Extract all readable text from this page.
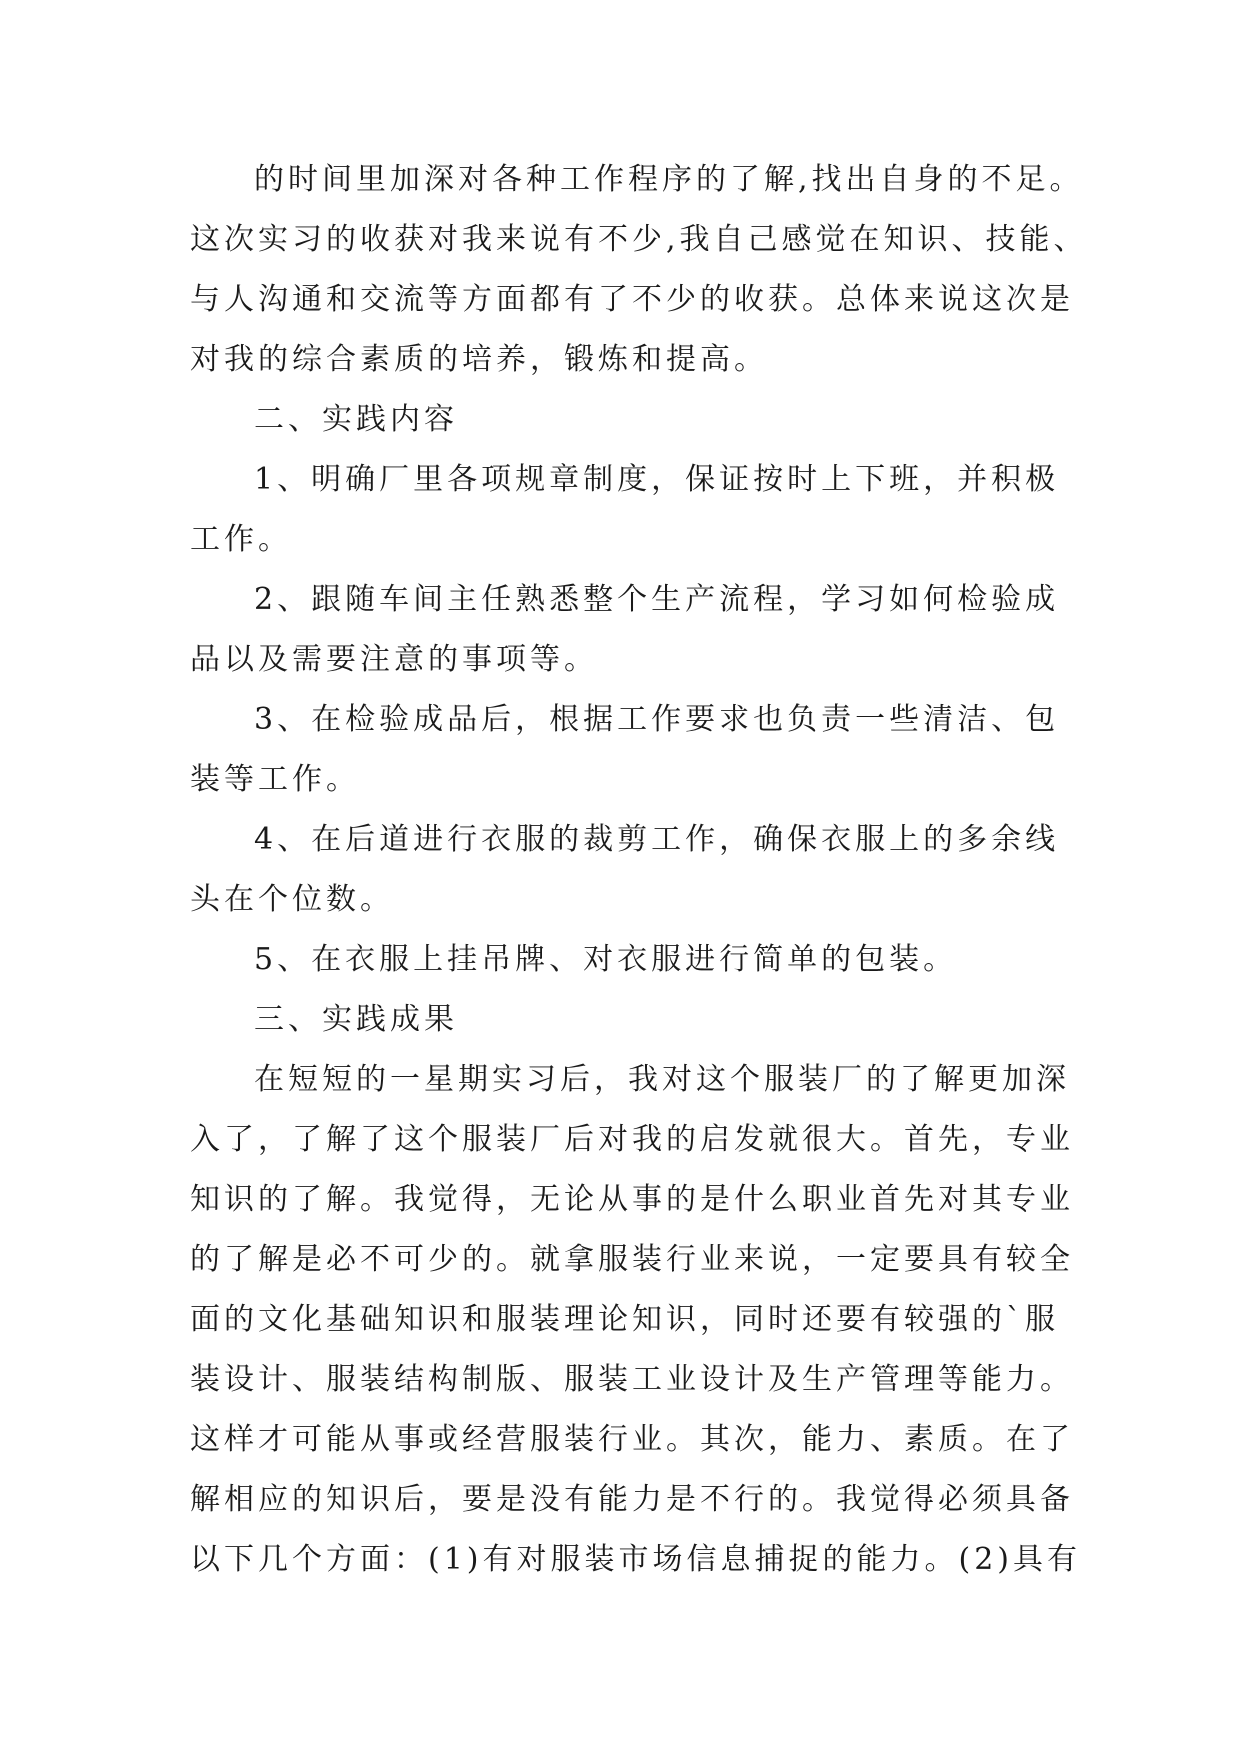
的时间里加深对各种工作程序的了解,找出自身的不足。
这次实习的收获对我来说有不少,我自己感觉在知识、技能、
与人沟通和交流等方面都有了不少的收获。总体来说这次是
对我的综合素质的培养，锻炼和提高。
二、实践内容
1、明确厂里各项规章制度，保证按时上下班，并积极
工作。
2、跟随车间主任熟悉整个生产流程，学习如何检验成
品以及需要注意的事项等。
3、在检验成品后，根据工作要求也负责一些清洁、包
装等工作。
4、在后道进行衣服的裁剪工作，确保衣服上的多余线
头在个位数。
5、在衣服上挂吊牌、对衣服进行简单的包装。
三、实践成果
在短短的一星期实习后，我对这个服装厂的了解更加深
入了，了解了这个服装厂后对我的启发就很大。首先，专业
知识的了解。我觉得，无论从事的是什么职业首先对其专业
的了解是必不可少的。就拿服装行业来说，一定要具有较全
面的文化基础知识和服装理论知识，同时还要有较强的`服
装设计、服装结构制版、服装工业设计及生产管理等能力。
这样才可能从事或经营服装行业。其次，能力、素质。在了
解相应的知识后，要是没有能力是不行的。我觉得必须具备
以下几个方面：(1)有对服装市场信息捕捉的能力。(2)具有
